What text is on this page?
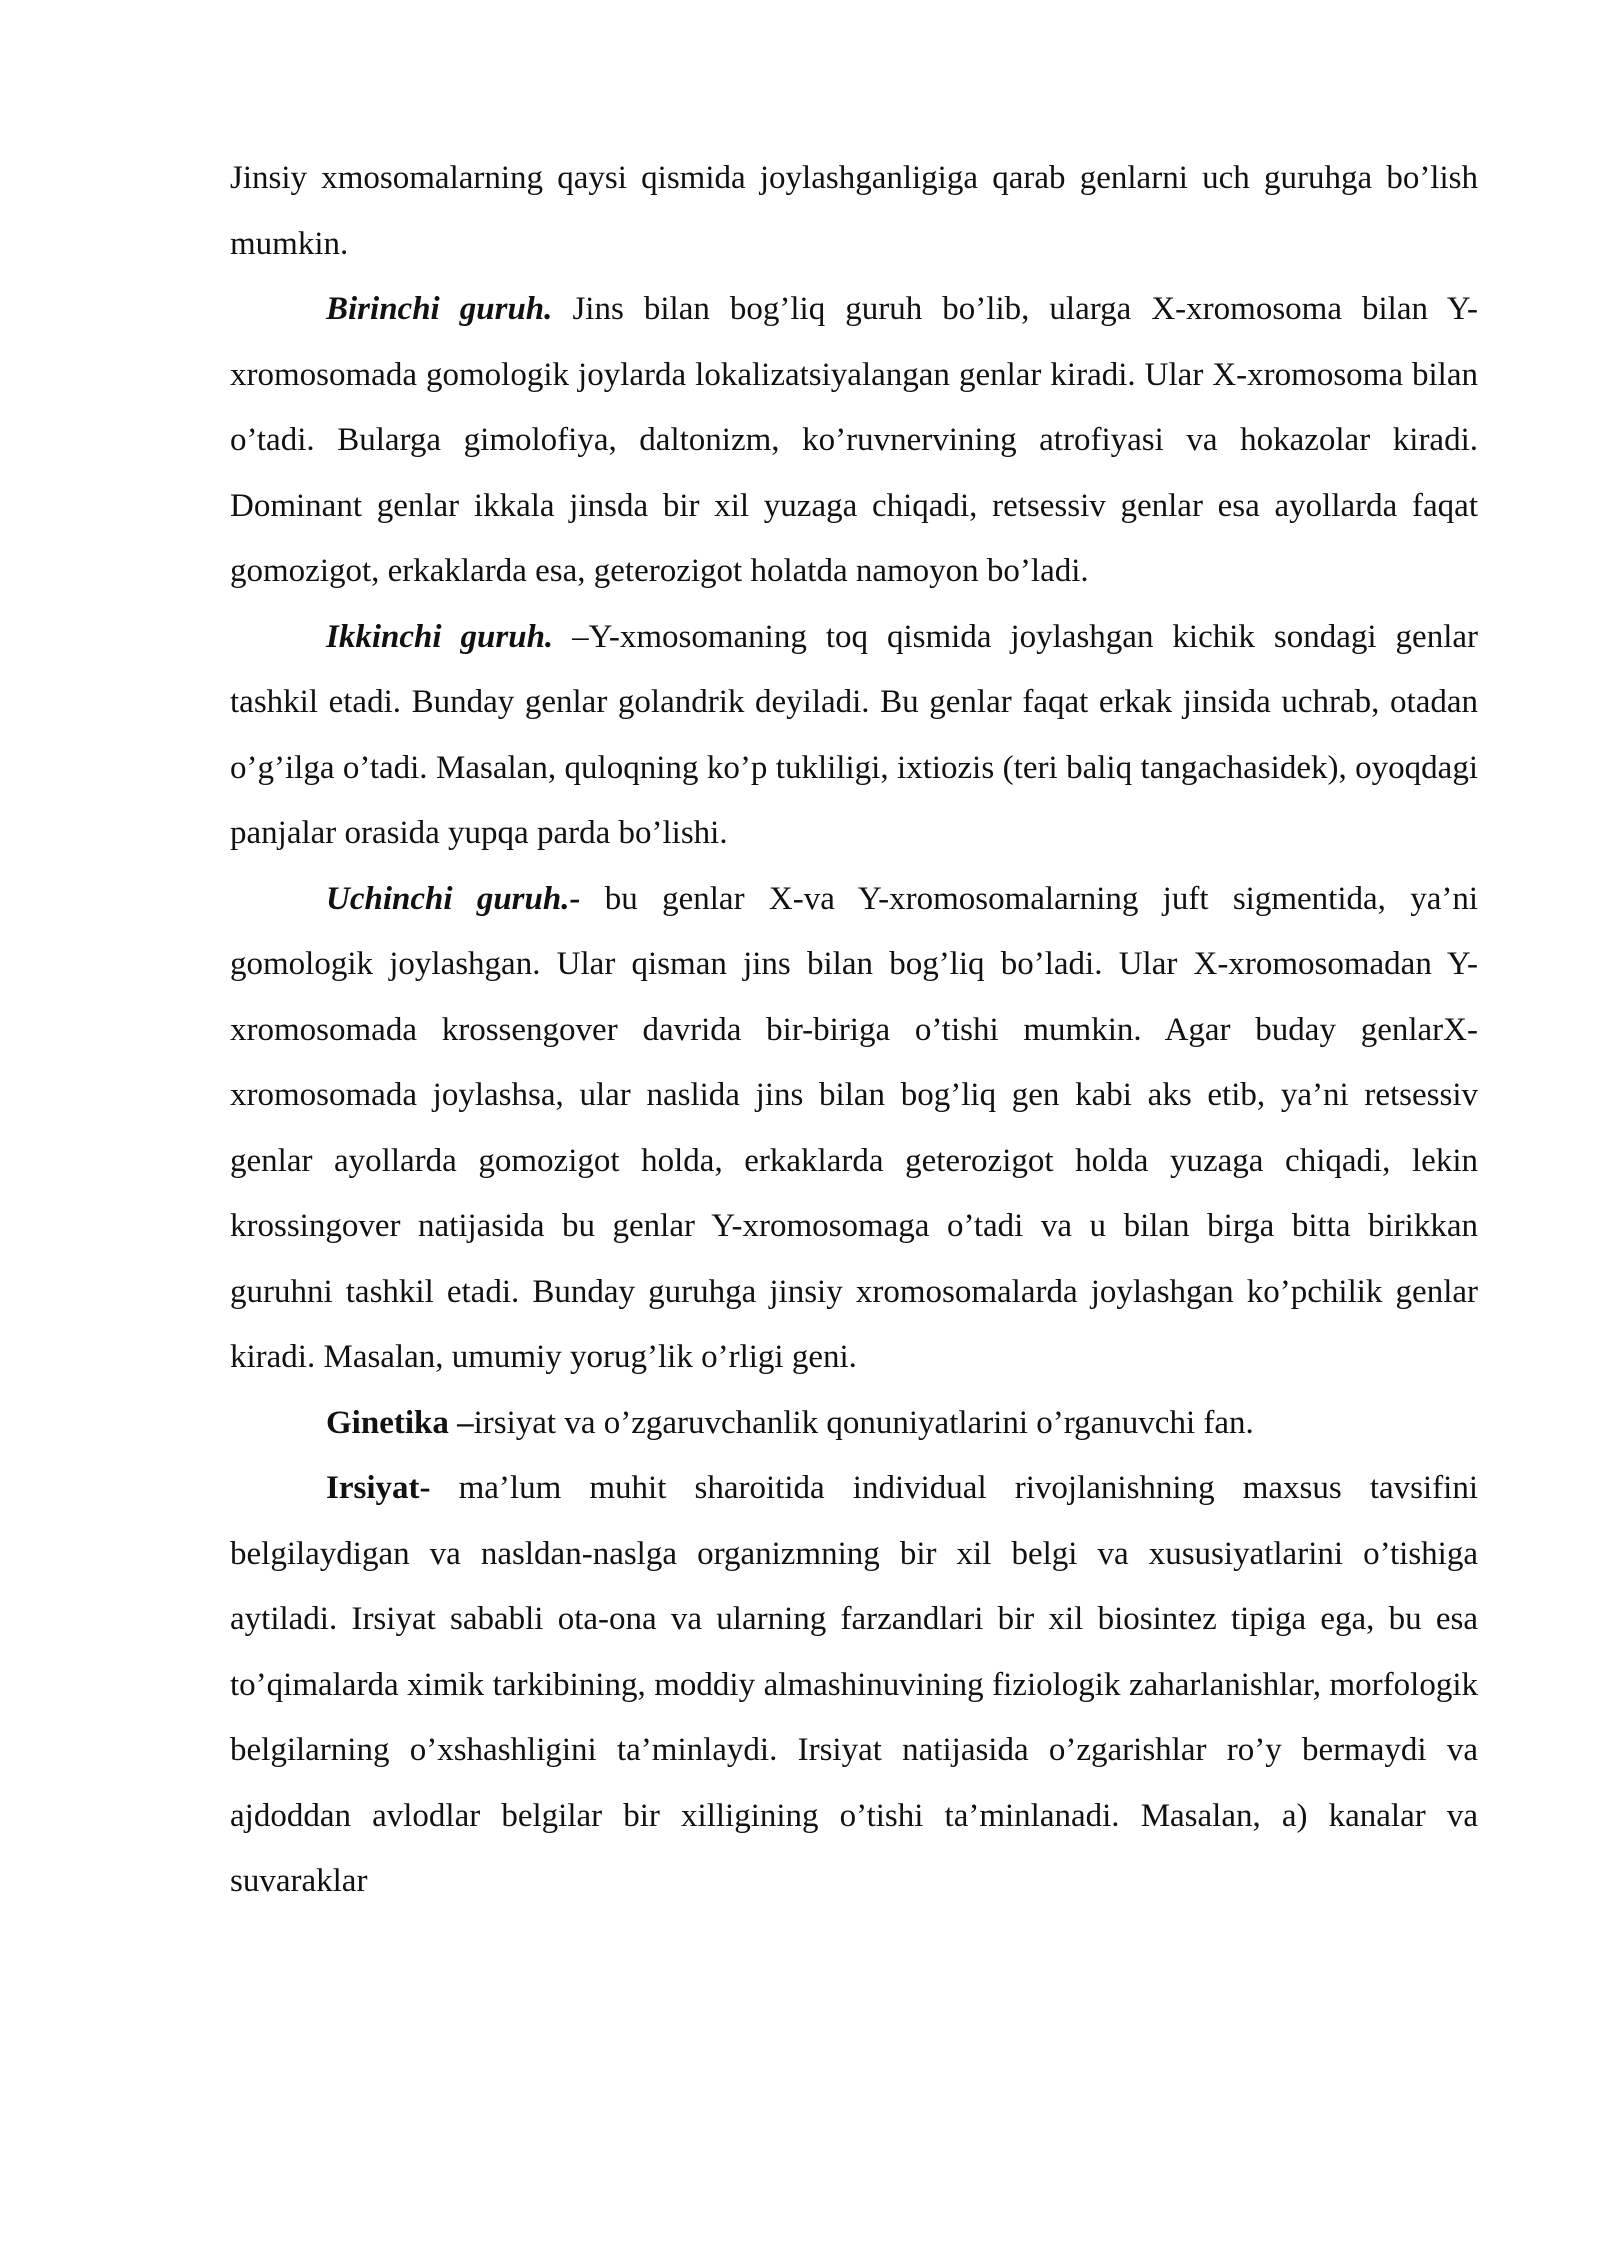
Jinsiy xmosomalarning qaysi qismida joylashganligiga qarab genlarni uch guruhga bo’lish mumkin.

Birinchi guruh. Jins bilan bog’liq guruh bo’lib, ularga X-xromosoma bilan Y-xromosomada gomologik joylarda lokalizatsiyalangan genlar kiradi. Ular X-xromosoma bilan o’tadi. Bularga gimolofiya, daltonizm, ko’ruvnervining atrofiyasi va hokazolar kiradi. Dominant genlar ikkala jinsda bir xil yuzaga chiqadi, retsessiv genlar esa ayollarda faqat gomozigot, erkaklarda esa, geterozigot holatda namoyon bo’ladi.

Ikkinchi guruh. –Y-xmosomaning toq qismida joylashgan kichik sondagi genlar tashkil etadi. Bunday genlar golandrik deyiladi. Bu genlar faqat erkak jinsida uchrab, otadan o’g’ilga o’tadi. Masalan, quloqning ko’p tukliligi, ixtiozis (teri baliq tangachasidek), oyoqdagi panjalar orasida yupqa parda bo’lishi.

Uchinchi guruh.- bu genlar X-va Y-xromosomalarning juft sigmentida, ya’ni gomologik joylashgan. Ular qisman jins bilan bog’liq bo’ladi. Ular X-xromosomadan Y-xromosomada krossengover davrida bir-biriga o’tishi mumkin. Agar buday genlarX-xromosomada joylashsa, ular naslida jins bilan bog’liq gen kabi aks etib, ya’ni retsessiv genlar ayollarda gomozigot holda, erkaklarda geterozigot holda yuzaga chiqadi, lekin krossingover natijasida bu genlar Y-xromosomaga o’tadi va u bilan birga bitta birikkan guruhni tashkil etadi. Bunday guruhga jinsiy xromosomalarda joylashgan ko’pchilik genlar kiradi. Masalan, umumiy yorug’lik o’rligi geni.

Ginetika –irsiyat va o’zgaruvchanlik qonuniyatlarini o’rganuvchi fan.

Irsiyat- ma’lum muhit sharoitida individual rivojlanishning maxsus tavsifini belgilaydigan va nasldan-naslga organizmning bir xil belgi va xususiyatlarini o’tishiga aytiladi. Irsiyat sababli ota-ona va ularning farzandlari bir xil biosintez tipiga ega, bu esa to’qimalarda ximik tarkibining, moddiy almashinuvining fiziologik zaharlanishlar, morfologik belgilarning o’xshashligini ta’minlaydi. Irsiyat natijasida o’zgarishlar ro’y bermaydi va ajdoddan avlodlar belgilar bir xilligining o’tishi ta’minlanadi. Masalan, a) kanalar va suvaraklar
